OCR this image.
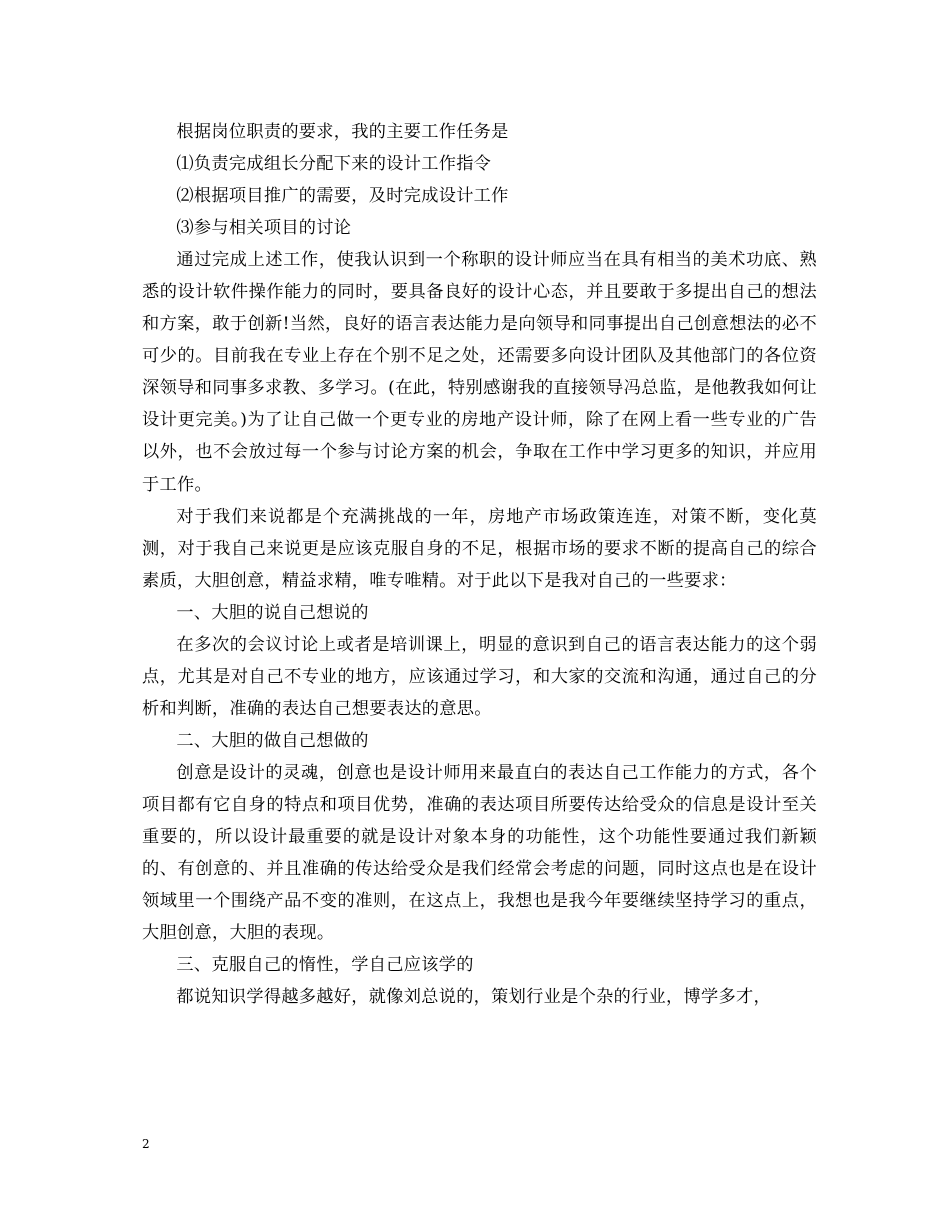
根据岗位职责的要求，我的主要工作任务是

⑴负责完成组长分配下来的设计工作指令

⑵根据项目推广的需要，及时完成设计工作

⑶参与相关项目的讨论

通过完成上述工作，使我认识到一个称职的设计师应当在具有相当的美术功底、熟悉的设计软件操作能力的同时，要具备良好的设计心态，并且要敢于多提出自己的想法和方案，敢于创新!当然，良好的语言表达能力是向领导和同事提出自己创意想法的必不可少的。目前我在专业上存在个别不足之处，还需要多向设计团队及其他部门的各位资深领导和同事多求教、多学习。(在此，特别感谢我的直接领导冯总监，是他教我如何让设计更完美。)为了让自己做一个更专业的房地产设计师，除了在网上看一些专业的广告以外，也不会放过每一个参与讨论方案的机会，争取在工作中学习更多的知识，并应用于工作。

对于我们来说都是个充满挑战的一年，房地产市场政策连连，对策不断，变化莫测，对于我自己来说更是应该克服自身的不足，根据市场的要求不断的提高自己的综合素质，大胆创意，精益求精，唯专唯精。对于此以下是我对自己的一些要求：

一、大胆的说自己想说的

在多次的会议讨论上或者是培训课上，明显的意识到自己的语言表达能力的这个弱点，尤其是对自己不专业的地方，应该通过学习，和大家的交流和沟通，通过自己的分析和判断，准确的表达自己想要表达的意思。

二、大胆的做自己想做的

创意是设计的灵魂，创意也是设计师用来最直白的表达自己工作能力的方式，各个项目都有它自身的特点和项目优势，准确的表达项目所要传达给受众的信息是设计至关重要的，所以设计最重要的就是设计对象本身的功能性，这个功能性要通过我们新颖的、有创意的、并且准确的传达给受众是我们经常会考虑的问题，同时这点也是在设计领域里一个围绕产品不变的准则，在这点上，我想也是我今年要继续坚持学习的重点，大胆创意，大胆的表现。

三、克服自己的惰性，学自己应该学的

都说知识学得越多越好，就像刘总说的，策划行业是个杂的行业，博学多才，

2
